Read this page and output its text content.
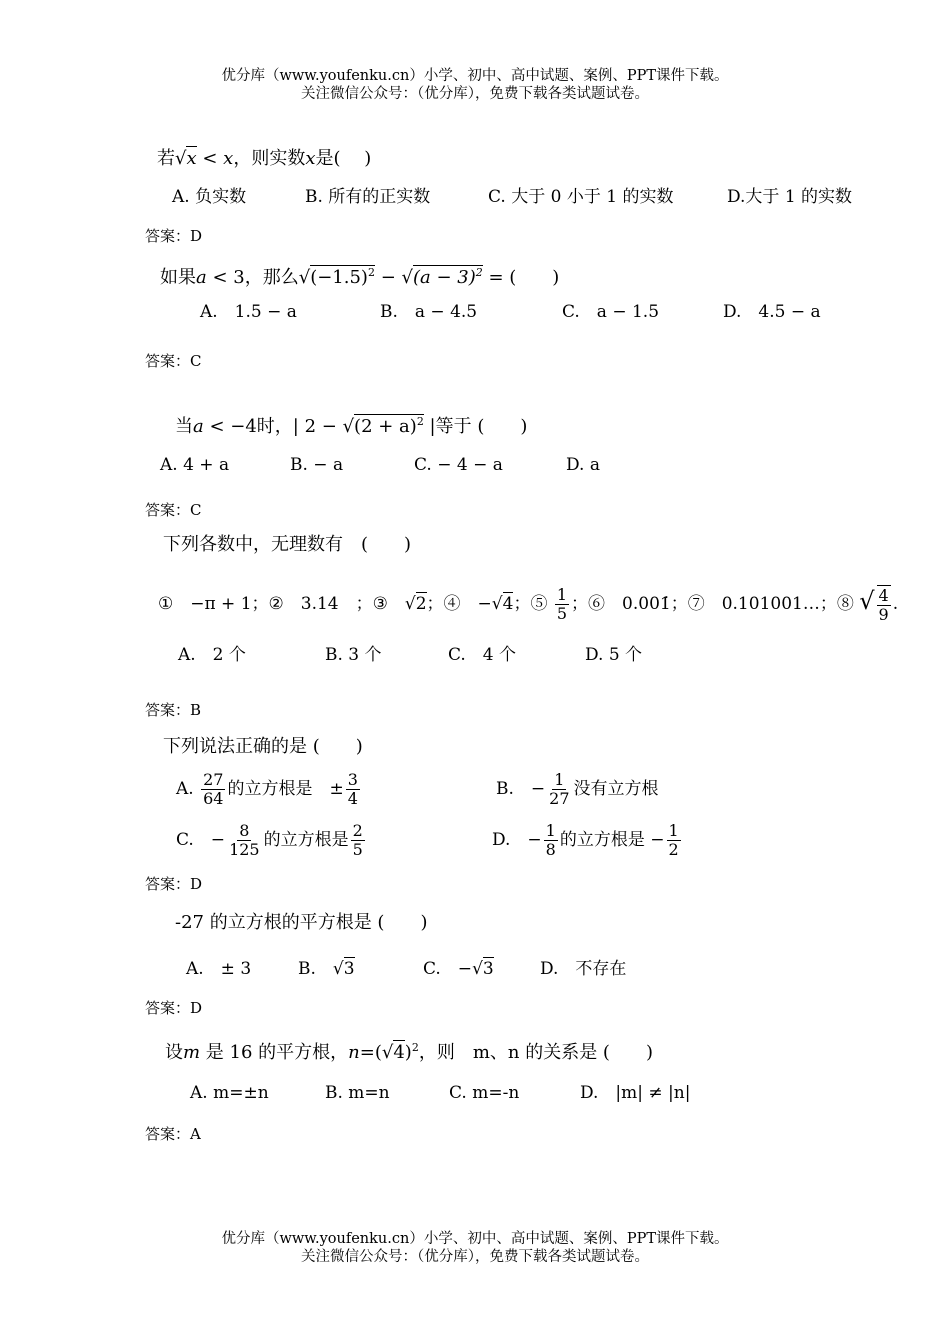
优分库（www.youfenku.cn）小学、初中、高中试题、案例、PPT课件下载。
关注微信公众号：（优分库），免费下载各类试题试卷。
若√x < x，则实数x是(　 )
A. 负实数	B. 所有的正实数	C. 大于 0 小于 1 的实数	D.大于 1 的实数
答案：D
如果a < 3，那么$√(-1.5)^2 - √(a - 3)^2$ = (　　)
A.　1.5 − a	B.　a − 4.5	C.　a − 1.5	D.　4.5 − a
答案：C
当a < −4时，| $2 - √(2 + a)^2$ |等于 (　　)
A. 4 + a	B. − a	C. − 4 − a	D. a
答案：C
下列各数中，无理数有　(　　)
①　−π + 1；②　3.14　；③　√2；④　−√4；⑤ $\frac{1}{5}$ ；⑥　0.001̇；⑦　0.101001…；⑧ √ $\frac{4}{9}$ .
A.　2 个	B. 3 个	C.　4 个	D. 5 个
答案：B
下列说法正确的是 (　　)
A. $\frac{27}{64}$ 的立方根是　± $\frac{3}{4}$	B.　− $\frac{1}{27}$ 没有立方根
C.　− $\frac{8}{125}$ 的立方根是 $\frac{2}{5}$	D.　− $\frac{1}{8}$ 的立方根是 − $\frac{1}{2}$
答案：D
-27 的立方根的平方根是 (　　)
A.　± 3	B.　√3	C.　−√3	D.　不存在
答案：D
设m 是 16 的平方根，$n=(√4)^2$，则　m、n 的关系是 (　　)
A. m=±n	B. m=n	C. m=-n	D.　|m| ≠ |n|
答案：A
优分库（www.youfenku.cn）小学、初中、高中试题、案例、PPT课件下载。
关注微信公众号：（优分库），免费下载各类试题试卷。
